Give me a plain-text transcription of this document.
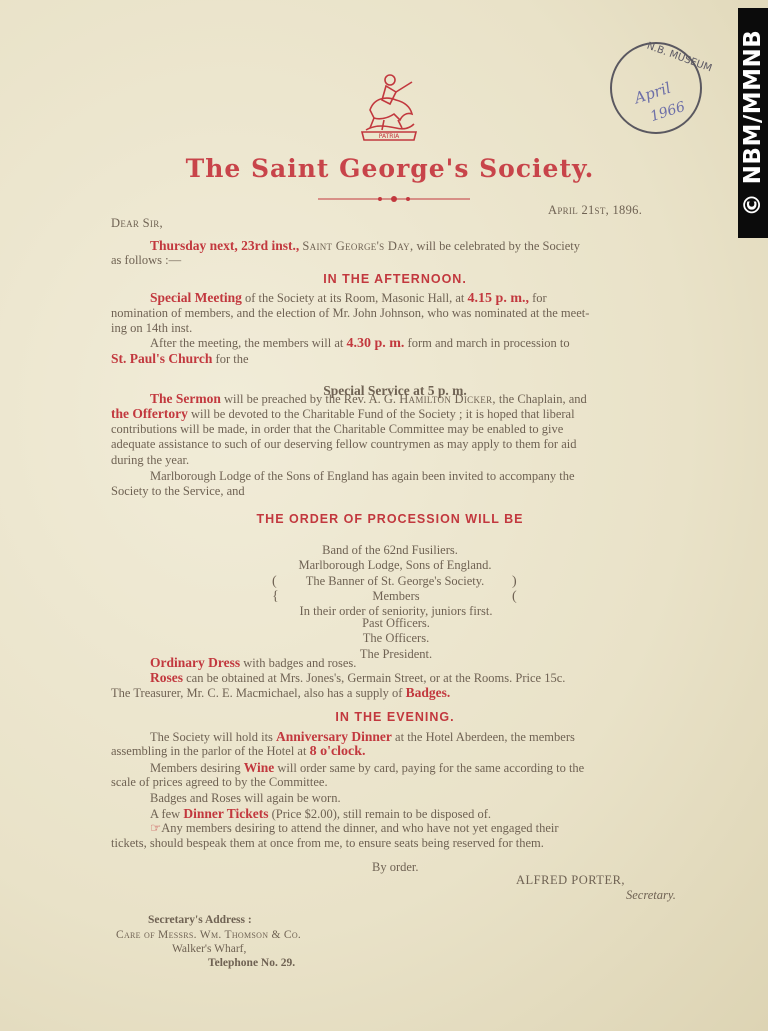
© NBM/MMNB
N.B. MUSEUM
April
1966
PATRIA
The Saint George's Society.

April 21st, 1896.

Dear Sir,

Thursday next, 23rd inst., Saint George's Day, will be celebrated by the Society

as follows :—

IN THE AFTERNOON.

Special Meeting of the Society at its Room, Masonic Hall, at 4.15 p. m., for

nomination of members, and the election of Mr. John Johnson, who was nominated at the meet-

ing on 14th inst.

After the meeting, the members will at 4.30 p. m. form and march in procession to

St. Paul's Church for the

Special Service at 5 p. m.

The Sermon will be preached by the Rev. A. G. Hamilton Dicker, the Chaplain, and

the Offertory will be devoted to the Charitable Fund of the Society ; it is hoped that liberal

contributions will be made, in order that the Charitable Committee may be enabled to give

adequate assistance to such of our deserving fellow countrymen as may apply to them for aid

during the year.

Marlborough Lodge of the Sons of England has again been invited to accompany the

Society to the Service, and

THE ORDER OF PROCESSION WILL BE

Band of the 62nd Fusiliers.

Marlborough Lodge, Sons of England.

The Banner of St. George's Society.

(	)

Members

{	(

In their order of seniority, juniors first.

Past Officers.

The Officers.

The President.

Ordinary Dress with badges and roses.

Roses can be obtained at Mrs. Jones's, Germain Street, or at the Rooms. Price 15c.

The Treasurer, Mr. C. E. Macmichael, also has a supply of Badges.

IN THE EVENING.

The Society will hold its Anniversary Dinner at the Hotel Aberdeen, the members

assembling in the parlor of the Hotel at 8 o'clock.

Members desiring Wine will order same by card, paying for the same according to the

scale of prices agreed to by the Committee.

Badges and Roses will again be worn.

A few Dinner Tickets (Price $2.00), still remain to be disposed of.

☞Any members desiring to attend the dinner, and who have not yet engaged their

tickets, should bespeak them at once from me, to ensure seats being reserved for them.

By order.

ALFRED PORTER,

Secretary.

Secretary's Address :

Care of Messrs. Wm. Thomson & Co.

Walker's Wharf,

Telephone No. 29.
